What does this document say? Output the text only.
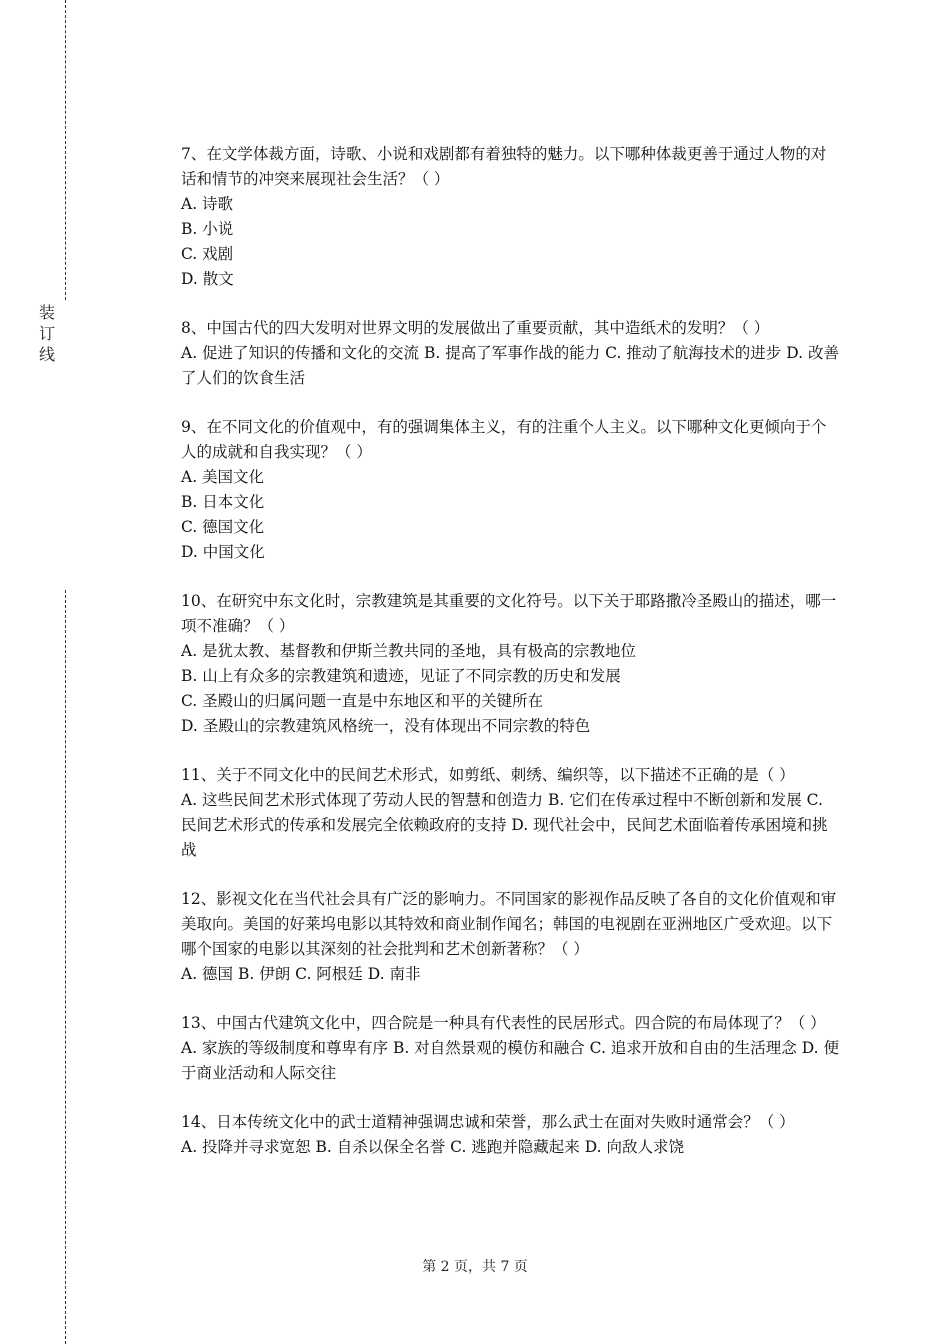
装
订
线

7、在文学体裁方面，诗歌、小说和戏剧都有着独特的魅力。以下哪种体裁更善于通过人物的对话和情节的冲突来展现社会生活？（ ）

A. 诗歌

B. 小说

C. 戏剧

D. 散文

8、中国古代的四大发明对世界文明的发展做出了重要贡献，其中造纸术的发明？（ ）

A. 促进了知识的传播和文化的交流 B. 提高了军事作战的能力 C. 推动了航海技术的进步 D. 改善了人们的饮食生活

9、在不同文化的价值观中，有的强调集体主义，有的注重个人主义。以下哪种文化更倾向于个人的成就和自我实现？（ ）

A. 美国文化

B. 日本文化

C. 德国文化

D. 中国文化

10、在研究中东文化时，宗教建筑是其重要的文化符号。以下关于耶路撒冷圣殿山的描述，哪一项不准确？（ ）

A. 是犹太教、基督教和伊斯兰教共同的圣地，具有极高的宗教地位

B. 山上有众多的宗教建筑和遗迹，见证了不同宗教的历史和发展

C. 圣殿山的归属问题一直是中东地区和平的关键所在

D. 圣殿山的宗教建筑风格统一，没有体现出不同宗教的特色

11、关于不同文化中的民间艺术形式，如剪纸、刺绣、编织等，以下描述不正确的是（ ）

A. 这些民间艺术形式体现了劳动人民的智慧和创造力 B. 它们在传承过程中不断创新和发展 C. 民间艺术形式的传承和发展完全依赖政府的支持 D. 现代社会中，民间艺术面临着传承困境和挑战

12、影视文化在当代社会具有广泛的影响力。不同国家的影视作品反映了各自的文化价值观和审美取向。美国的好莱坞电影以其特效和商业制作闻名；韩国的电视剧在亚洲地区广受欢迎。以下哪个国家的电影以其深刻的社会批判和艺术创新著称？（ ）

A. 德国 B. 伊朗 C. 阿根廷 D. 南非

13、中国古代建筑文化中，四合院是一种具有代表性的民居形式。四合院的布局体现了？（ ）

A. 家族的等级制度和尊卑有序 B. 对自然景观的模仿和融合 C. 追求开放和自由的生活理念 D. 便于商业活动和人际交往

14、日本传统文化中的武士道精神强调忠诚和荣誉，那么武士在面对失败时通常会？（ ）

A. 投降并寻求宽恕 B. 自杀以保全名誉 C. 逃跑并隐藏起来 D. 向敌人求饶

第 2 页，共 7 页
